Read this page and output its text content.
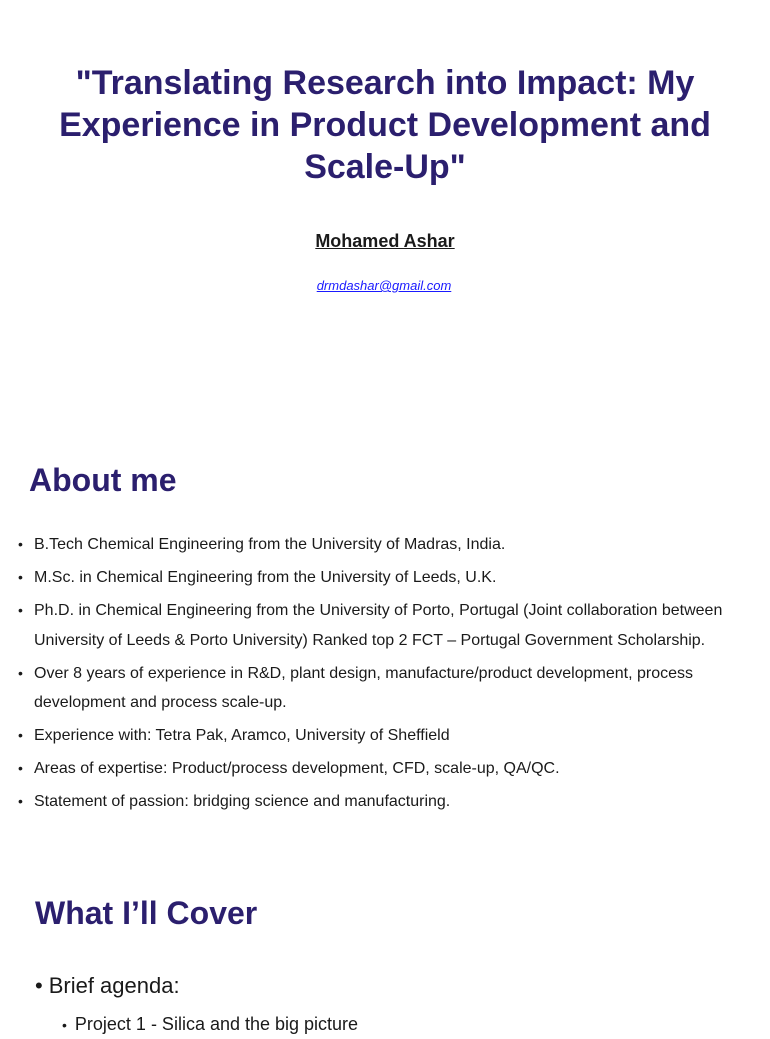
"Translating Research into Impact: My Experience in Product Development and Scale-Up"
Mohamed Ashar
drmdashar@gmail.com
About me
• B.Tech Chemical Engineering from the University of Madras, India.
• M.Sc. in Chemical Engineering from the University of Leeds, U.K.
• Ph.D. in Chemical Engineering from the University of Porto, Portugal (Joint collaboration between University of Leeds & Porto University) Ranked top 2 FCT – Portugal Government Scholarship.
• Over 8 years of experience in R&D, plant design, manufacture/product development, process development and process scale-up.
• Experience with: Tetra Pak, Aramco, University of Sheffield
• Areas of expertise: Product/process development, CFD, scale-up, QA/QC.
• Statement of passion: bridging science and manufacturing.
What I’ll Cover
• Brief agenda:
• Project 1 - Silica and the big picture
